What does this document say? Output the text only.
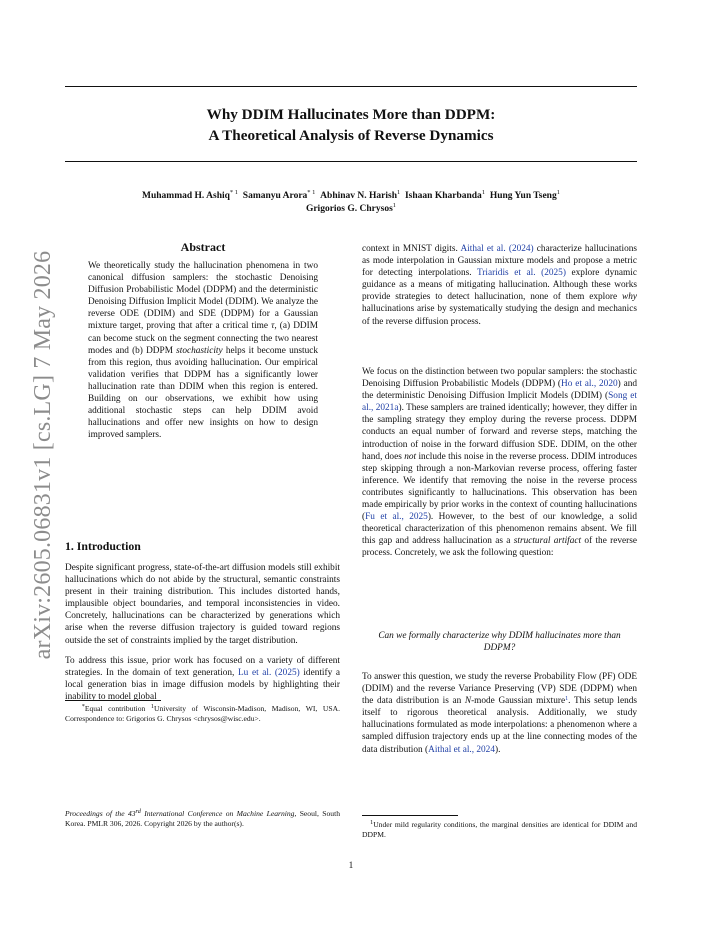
arXiv:2605.06831v1 [cs.LG] 7 May 2026
Why DDIM Hallucinates More than DDPM:
A Theoretical Analysis of Reverse Dynamics
Muhammad H. Ashiq$^{* 1}$ Samanyu Arora$^{* 1}$ Abhinav N. Harish$^1$ Ishaan Kharbanda$^1$ Hung Yun Tseng$^1$
Grigorios G. Chrysos$^1$
Abstract
We theoretically study the hallucination phenomena in two canonical diffusion samplers: the stochastic Denoising Diffusion Probabilistic Model (DDPM) and the deterministic Denoising Diffusion Implicit Model (DDIM). We analyze the reverse ODE (DDIM) and SDE (DDPM) for a Gaussian mixture target, proving that after a critical time τ, (a) DDIM can become stuck on the segment connecting the two nearest modes and (b) DDPM stochasticity helps it become unstuck from this region, thus avoiding hallucination. Our empirical validation verifies that DDPM has a significantly lower hallucination rate than DDIM when this region is entered. Building on our observations, we exhibit how using additional stochastic steps can help DDIM avoid hallucinations and offer new insights on how to design improved samplers.
1. Introduction
Despite significant progress, state-of-the-art diffusion models still exhibit hallucinations which do not abide by the structural, semantic constraints present in their training distribution. This includes distorted hands, implausible object boundaries, and temporal inconsistencies in video. Concretely, hallucinations can be characterized by generations which arise when the reverse diffusion trajectory is guided toward regions outside the set of constraints implied by the target distribution.
To address this issue, prior work has focused on a variety of different strategies. In the domain of text generation, Lu et al. (2025) identify a local generation bias in image diffusion models by highlighting their inability to model global
*Equal contribution $^1$University of Wisconsin-Madison, Madison, WI, USA. Correspondence to: Grigorios G. Chrysos <chrysos@wisc.edu>.
Proceedings of the 43rd International Conference on Machine Learning, Seoul, South Korea. PMLR 306, 2026. Copyright 2026 by the author(s).
context in MNIST digits. Aithal et al. (2024) characterize hallucinations as mode interpolation in Gaussian mixture models and propose a metric for detecting interpolations. Triaridis et al. (2025) explore dynamic guidance as a means of mitigating hallucination. Although these works provide strategies to detect hallucination, none of them explore why hallucinations arise by systematically studying the design and mechanics of the reverse diffusion process.
We focus on the distinction between two popular samplers: the stochastic Denoising Diffusion Probabilistic Models (DDPM) (Ho et al., 2020) and the deterministic Denoising Diffusion Implicit Models (DDIM) (Song et al., 2021a). These samplers are trained identically; however, they differ in the sampling strategy they employ during the reverse process. DDPM conducts an equal number of forward and reverse steps, matching the introduction of noise in the forward diffusion SDE. DDIM, on the other hand, does not include this noise in the reverse process. DDIM introduces step skipping through a non-Markovian reverse process, offering faster inference. We identify that removing the noise in the reverse process contributes significantly to hallucinations. This observation has been made empirically by prior works in the context of counting hallucinations (Fu et al., 2025). However, to the best of our knowledge, a solid theoretical characterization of this phenomenon remains absent. We fill this gap and address hallucination as a structural artifact of the reverse process. Concretely, we ask the following question:
Can we formally characterize why DDIM hallucinates more than DDPM?
To answer this question, we study the reverse Probability Flow (PF) ODE (DDIM) and the reverse Variance Preserving (VP) SDE (DDPM) when the data distribution is an N-mode Gaussian mixture$^1$. This setup lends itself to rigorous theoretical analysis. Additionally, we study hallucinations formulated as mode interpolations: a phenomenon where a sampled diffusion trajectory ends up at the line connecting modes of the data distribution (Aithal et al., 2024).
$^1$Under mild regularity conditions, the marginal densities are identical for DDIM and DDPM.
1
